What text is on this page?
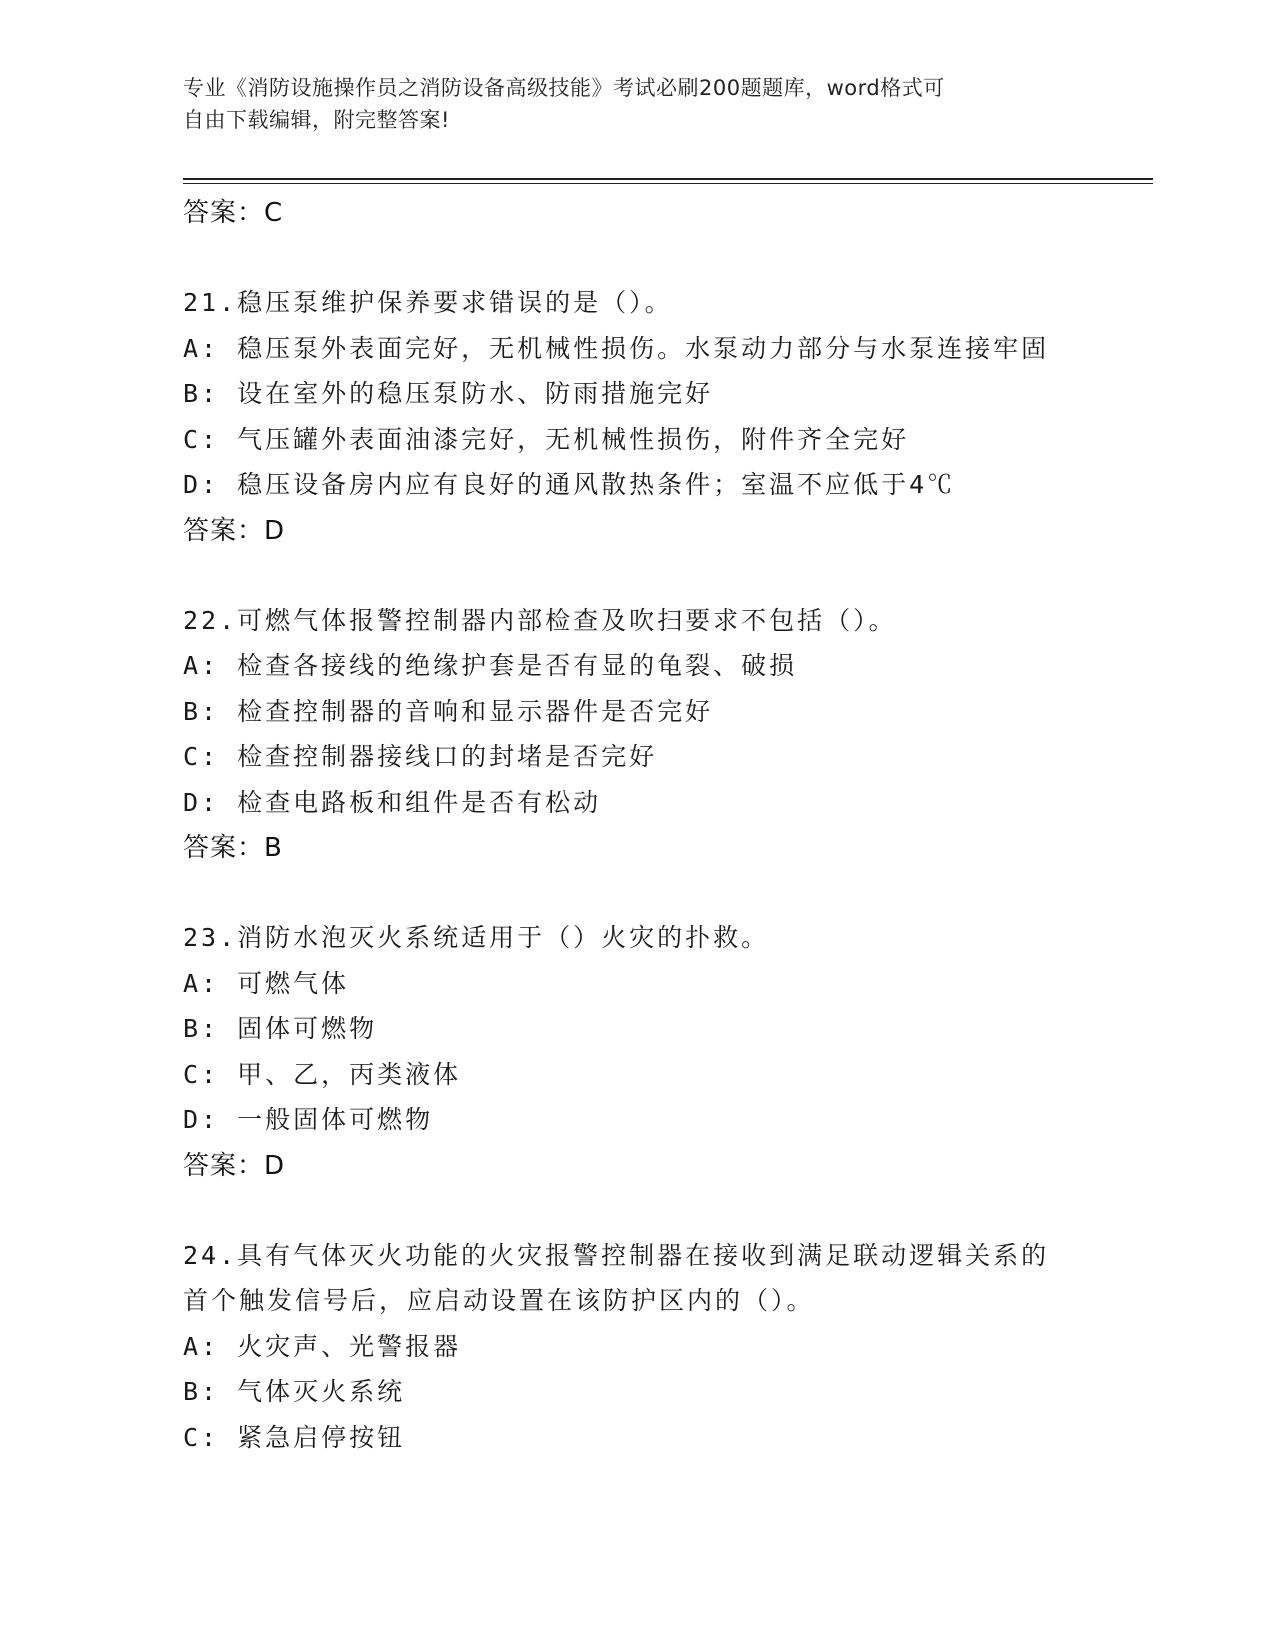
专业《消防设施操作员之消防设备高级技能》考试必刷200题题库，word格式可
自由下载编辑，附完整答案!
答案：C
21.稳压泵维护保养要求错误的是（）。
A: 稳压泵外表面完好，无机械性损伤。水泵动力部分与水泵连接牢固
B: 设在室外的稳压泵防水、防雨措施完好
C: 气压罐外表面油漆完好，无机械性损伤，附件齐全完好
D: 稳压设备房内应有良好的通风散热条件；室温不应低于4℃
答案：D
22.可燃气体报警控制器内部检查及吹扫要求不包括（）。
A: 检查各接线的绝缘护套是否有显的龟裂、破损
B: 检查控制器的音响和显示器件是否完好
C: 检查控制器接线口的封堵是否完好
D: 检查电路板和组件是否有松动
答案：B
23.消防水泡灭火系统适用于（）火灾的扑救。
A: 可燃气体
B: 固体可燃物
C: 甲、乙，丙类液体
D: 一般固体可燃物
答案：D
24.具有气体灭火功能的火灾报警控制器在接收到满足联动逻辑关系的
首个触发信号后，应启动设置在该防护区内的（）。
A: 火灾声、光警报器
B: 气体灭火系统
C: 紧急启停按钮
